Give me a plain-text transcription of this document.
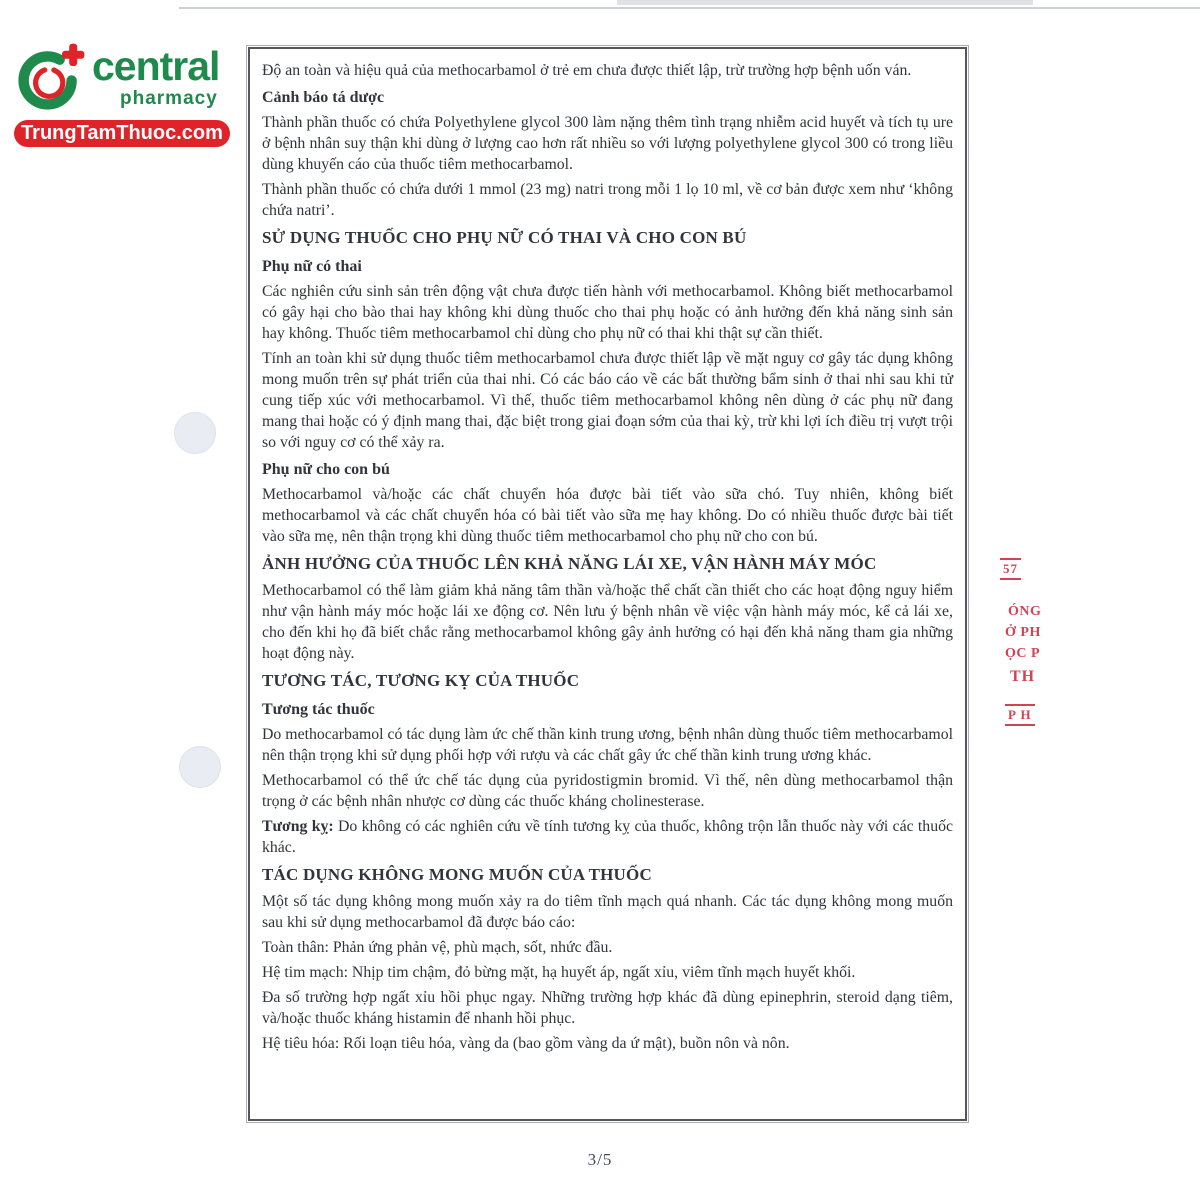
central
pharmacy
TrungTamThuoc.com
Độ an toàn và hiệu quả của methocarbamol ở trẻ em chưa được thiết lập, trừ trường hợp bệnh uốn ván.
Cảnh báo tá dược
Thành phần thuốc có chứa Polyethylene glycol 300 làm nặng thêm tình trạng nhiễm acid huyết và tích tụ ure ở bệnh nhân suy thận khi dùng ở lượng cao hơn rất nhiều so với lượng polyethylene glycol 300 có trong liều dùng khuyến cáo của thuốc tiêm methocarbamol.
Thành phần thuốc có chứa dưới 1 mmol (23 mg) natri trong mỗi 1 lọ 10 ml, về cơ bản được xem như ‘không chứa natri’.
SỬ DỤNG THUỐC CHO PHỤ NỮ CÓ THAI VÀ CHO CON BÚ
Phụ nữ có thai
Các nghiên cứu sinh sản trên động vật chưa được tiến hành với methocarbamol. Không biết methocarbamol có gây hại cho bào thai hay không khi dùng thuốc cho thai phụ hoặc có ảnh hưởng đến khả năng sinh sản hay không. Thuốc tiêm methocarbamol chỉ dùng cho phụ nữ có thai khi thật sự cần thiết.
Tính an toàn khi sử dụng thuốc tiêm methocarbamol chưa được thiết lập về mặt nguy cơ gây tác dụng không mong muốn trên sự phát triển của thai nhi. Có các báo cáo về các bất thường bẩm sinh ở thai nhi sau khi tử cung tiếp xúc với methocarbamol. Vì thế, thuốc tiêm methocarbamol không nên dùng ở các phụ nữ đang mang thai hoặc có ý định mang thai, đặc biệt trong giai đoạn sớm của thai kỳ, trừ khi lợi ích điều trị vượt trội so với nguy cơ có thể xảy ra.
Phụ nữ cho con bú
Methocarbamol và/hoặc các chất chuyển hóa được bài tiết vào sữa chó. Tuy nhiên, không biết methocarbamol và các chất chuyển hóa có bài tiết vào sữa mẹ hay không. Do có nhiều thuốc được bài tiết vào sữa mẹ, nên thận trọng khi dùng thuốc tiêm methocarbamol cho phụ nữ cho con bú.
ẢNH HƯỞNG CỦA THUỐC LÊN KHẢ NĂNG LÁI XE, VẬN HÀNH MÁY MÓC
Methocarbamol có thể làm giảm khả năng tâm thần và/hoặc thể chất cần thiết cho các hoạt động nguy hiểm như vận hành máy móc hoặc lái xe động cơ. Nên lưu ý bệnh nhân về việc vận hành máy móc, kể cả lái xe, cho đến khi họ đã biết chắc rằng methocarbamol không gây ảnh hưởng có hại đến khả năng tham gia những hoạt động này.
TƯƠNG TÁC, TƯƠNG KỴ CỦA THUỐC
Tương tác thuốc
Do methocarbamol có tác dụng làm ức chế thần kinh trung ương, bệnh nhân dùng thuốc tiêm methocarbamol nên thận trọng khi sử dụng phối hợp với rượu và các chất gây ức chế thần kinh trung ương khác.
Methocarbamol có thể ức chế tác dụng của pyridostigmin bromid. Vì thế, nên dùng methocarbamol thận trọng ở các bệnh nhân nhược cơ dùng các thuốc kháng cholinesterase.
Tương kỵ: Do không có các nghiên cứu về tính tương kỵ của thuốc, không trộn lẫn thuốc này với các thuốc khác.
TÁC DỤNG KHÔNG MONG MUỐN CỦA THUỐC
Một số tác dụng không mong muốn xảy ra do tiêm tĩnh mạch quá nhanh. Các tác dụng không mong muốn sau khi sử dụng methocarbamol đã được báo cáo:
Toàn thân: Phản ứng phản vệ, phù mạch, sốt, nhức đầu.
Hệ tim mạch: Nhịp tim chậm, đỏ bừng mặt, hạ huyết áp, ngất xỉu, viêm tĩnh mạch huyết khối.
Đa số trường hợp ngất xỉu hồi phục ngay. Những trường hợp khác đã dùng epinephrin, steroid dạng tiêm, và/hoặc thuốc kháng histamin để nhanh hồi phục.
Hệ tiêu hóa: Rối loạn tiêu hóa, vàng da (bao gồm vàng da ứ mật), buồn nôn và nôn.
57
ÓNG
Ở PH
ỌC P
TH
P H
3/5
